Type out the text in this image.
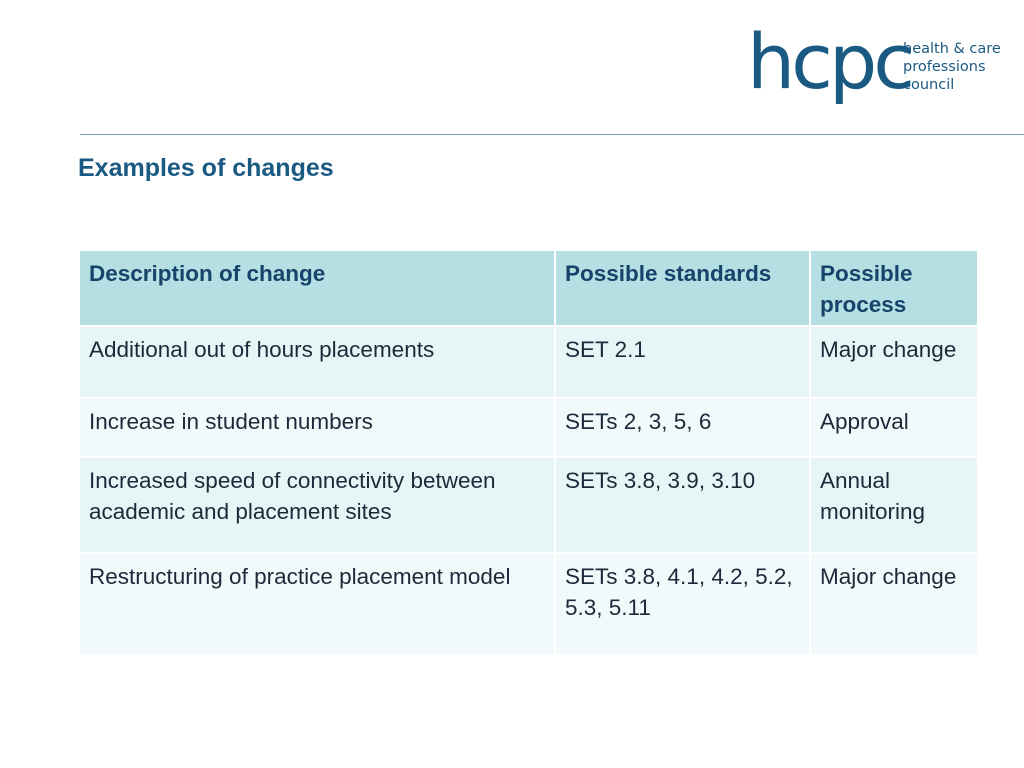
hcpc
health & care
professions
council
Examples of changes
Description of change	Possible standards	Possible process
Additional out of hours placements	SET 2.1	Major change
Increase in student numbers	SETs 2, 3, 5, 6	Approval
Increased speed of connectivity between academic and placement sites	SETs 3.8, 3.9, 3.10	Annual monitoring
Restructuring of practice placement model	SETs 3.8, 4.1, 4.2, 5.2, 5.3, 5.11	Major change
